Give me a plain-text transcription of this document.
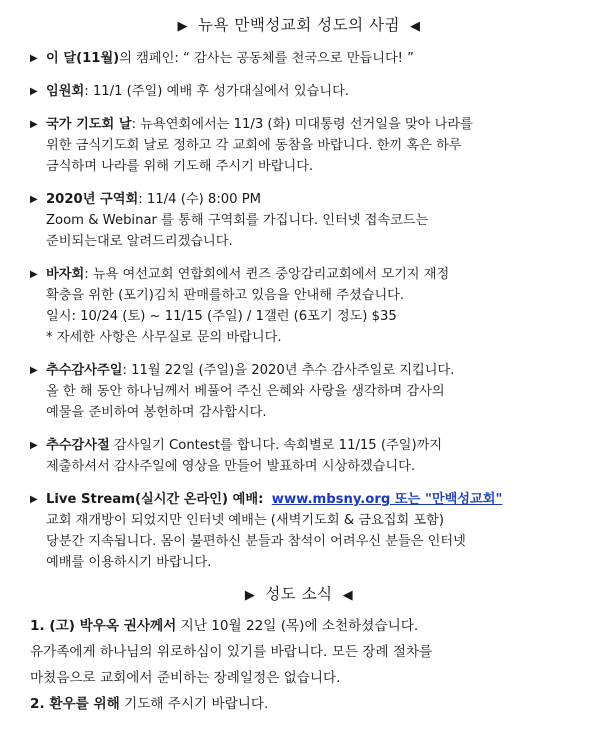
▶ 뉴욕 만백성교회 성도의 사귐 ◀
▶ 이 달(11월)의 캠페인: “ 감사는 공동체를 천국으로 만듭니다! ”
▶ 임원회: 11/1 (주일) 예배 후 성가대실에서 있습니다.
▶ 국가 기도회 날: 뉴욕연회에서는 11/3 (화) 미대통령 선거일을 맞아 나라를
위한 금식기도회 날로 정하고 각 교회에 동참을 바랍니다. 한끼 혹은 하루
금식하며 나라를 위해 기도해 주시기 바랍니다.
▶ 2020년 구역회: 11/4 (수) 8:00 PM
Zoom & Webinar 를 통해 구역회를 가집니다. 인터넷 접속코드는
준비되는대로 알려드리겠습니다.
▶ 바자회: 뉴욕 여선교회 연합회에서 퀸즈 중앙감리교회에서 모기지 재정
확충을 위한 (포기)김치 판매를하고 있음을 안내해 주셨습니다.
일시: 10/24 (토) ~ 11/15 (주일) / 1갤런 (6포기 정도) $35
* 자세한 사항은 사무실로 문의 바랍니다.
▶ 추수감사주일: 11월 22일 (주일)을 2020년 추수 감사주일로 지킵니다.
올 한 해 동안 하나님께서 베풀어 주신 은혜와 사랑을 생각하며 감사의
예물을 준비하여 봉헌하며 감사합시다.
▶ 추수감사절 감사일기 Contest를 합니다. 속회별로 11/15 (주일)까지
제출하셔서 감사주일에 영상을 만들어 발표하며 시상하겠습니다.
▶ Live Stream(실시간 온라인) 예배: www.mbsny.org 또는 "만백성교회"
교회 재개방이 되었지만 인터넷 예배는 (새벽기도회 & 금요집회 포함)
당분간 지속됩니다. 몸이 불편하신 분들과 참석이 어려우신 분들은 인터넷
예배를 이용하시기 바랍니다.
▶ 성도 소식 ◀
1. (고) 박우옥 권사께서 지난 10월 22일 (목)에 소천하셨습니다.
유가족에게 하나님의 위로하심이 있기를 바랍니다. 모든 장례 절차를
마쳤음으로 교회에서 준비하는 장례일정은 없습니다.
2. 환우를 위해 기도해 주시기 바랍니다.
